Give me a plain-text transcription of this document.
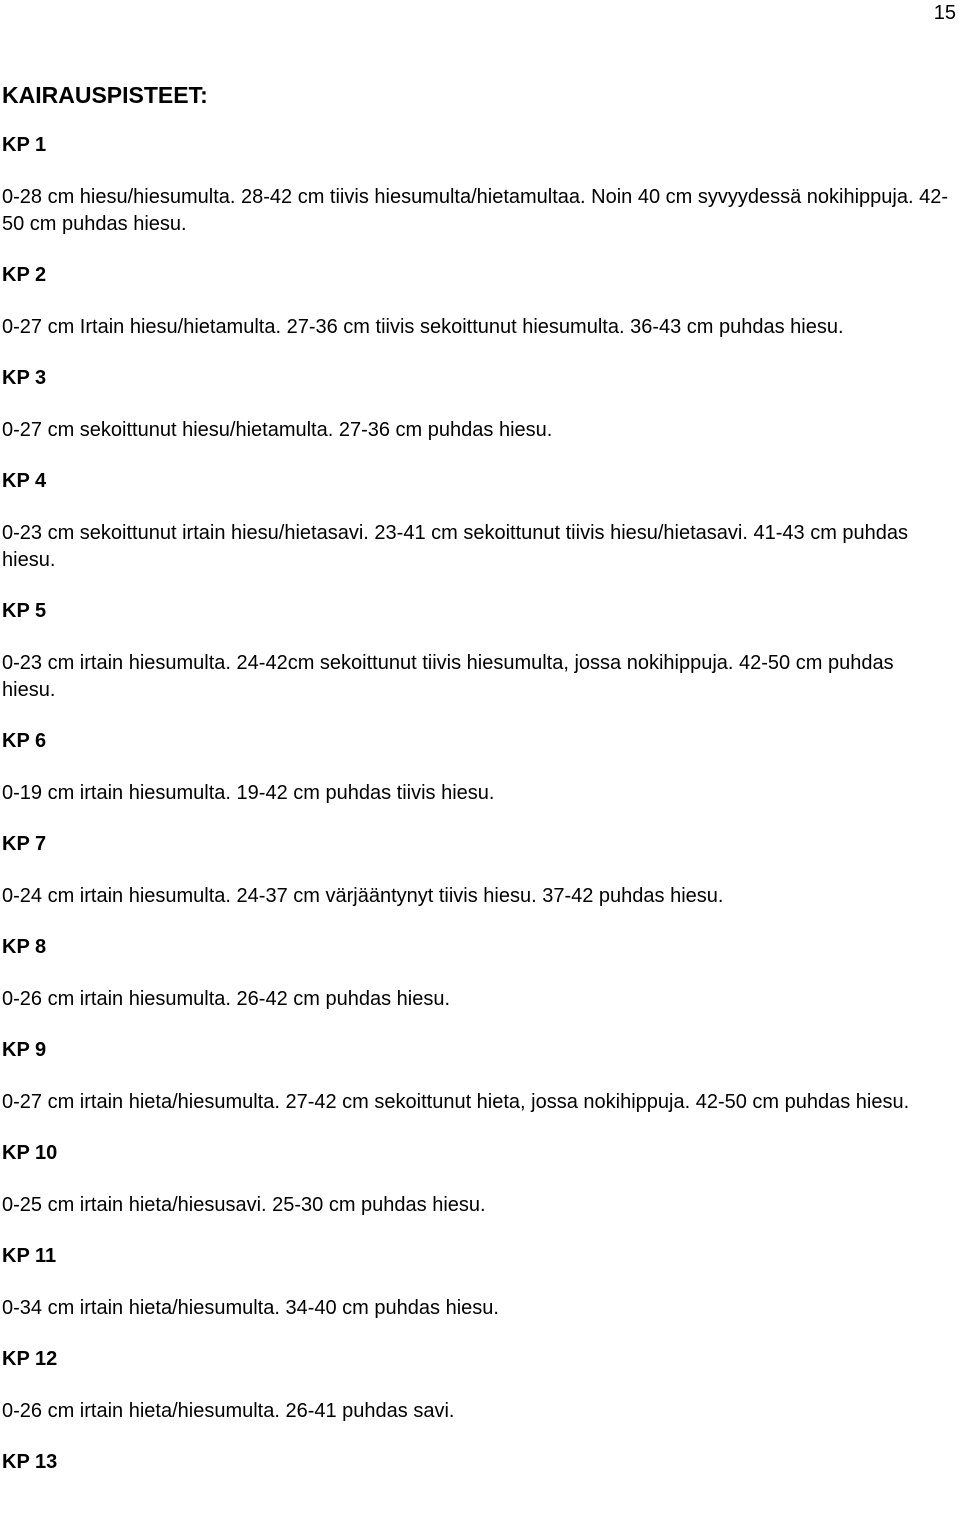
15
KAIRAUSPISTEET:
KP 1
0-28 cm hiesu/hiesumulta. 28-42 cm tiivis hiesumulta/hietamultaa. Noin 40 cm syvyydessä nokihippuja. 42-50 cm puhdas hiesu.
KP 2
0-27 cm Irtain hiesu/hietamulta. 27-36 cm tiivis sekoittunut hiesumulta. 36-43 cm puhdas hiesu.
KP 3
0-27 cm sekoittunut hiesu/hietamulta. 27-36 cm puhdas hiesu.
KP 4
0-23 cm sekoittunut irtain hiesu/hietasavi. 23-41 cm sekoittunut tiivis hiesu/hietasavi. 41-43 cm puhdas hiesu.
KP 5
0-23 cm irtain hiesumulta. 24-42cm sekoittunut tiivis hiesumulta, jossa nokihippuja. 42-50 cm puhdas hiesu.
KP 6
0-19 cm irtain hiesumulta. 19-42 cm puhdas tiivis hiesu.
KP 7
0-24 cm irtain hiesumulta. 24-37 cm värjääntynyt tiivis hiesu. 37-42 puhdas hiesu.
KP 8
0-26 cm irtain hiesumulta. 26-42 cm puhdas hiesu.
KP 9
0-27 cm irtain hieta/hiesumulta. 27-42 cm sekoittunut hieta, jossa nokihippuja. 42-50 cm puhdas hiesu.
KP 10
0-25 cm irtain hieta/hiesusavi. 25-30 cm puhdas hiesu.
KP 11
0-34 cm irtain hieta/hiesumulta. 34-40 cm puhdas hiesu.
KP 12
0-26 cm irtain hieta/hiesumulta. 26-41 puhdas savi.
KP 13
